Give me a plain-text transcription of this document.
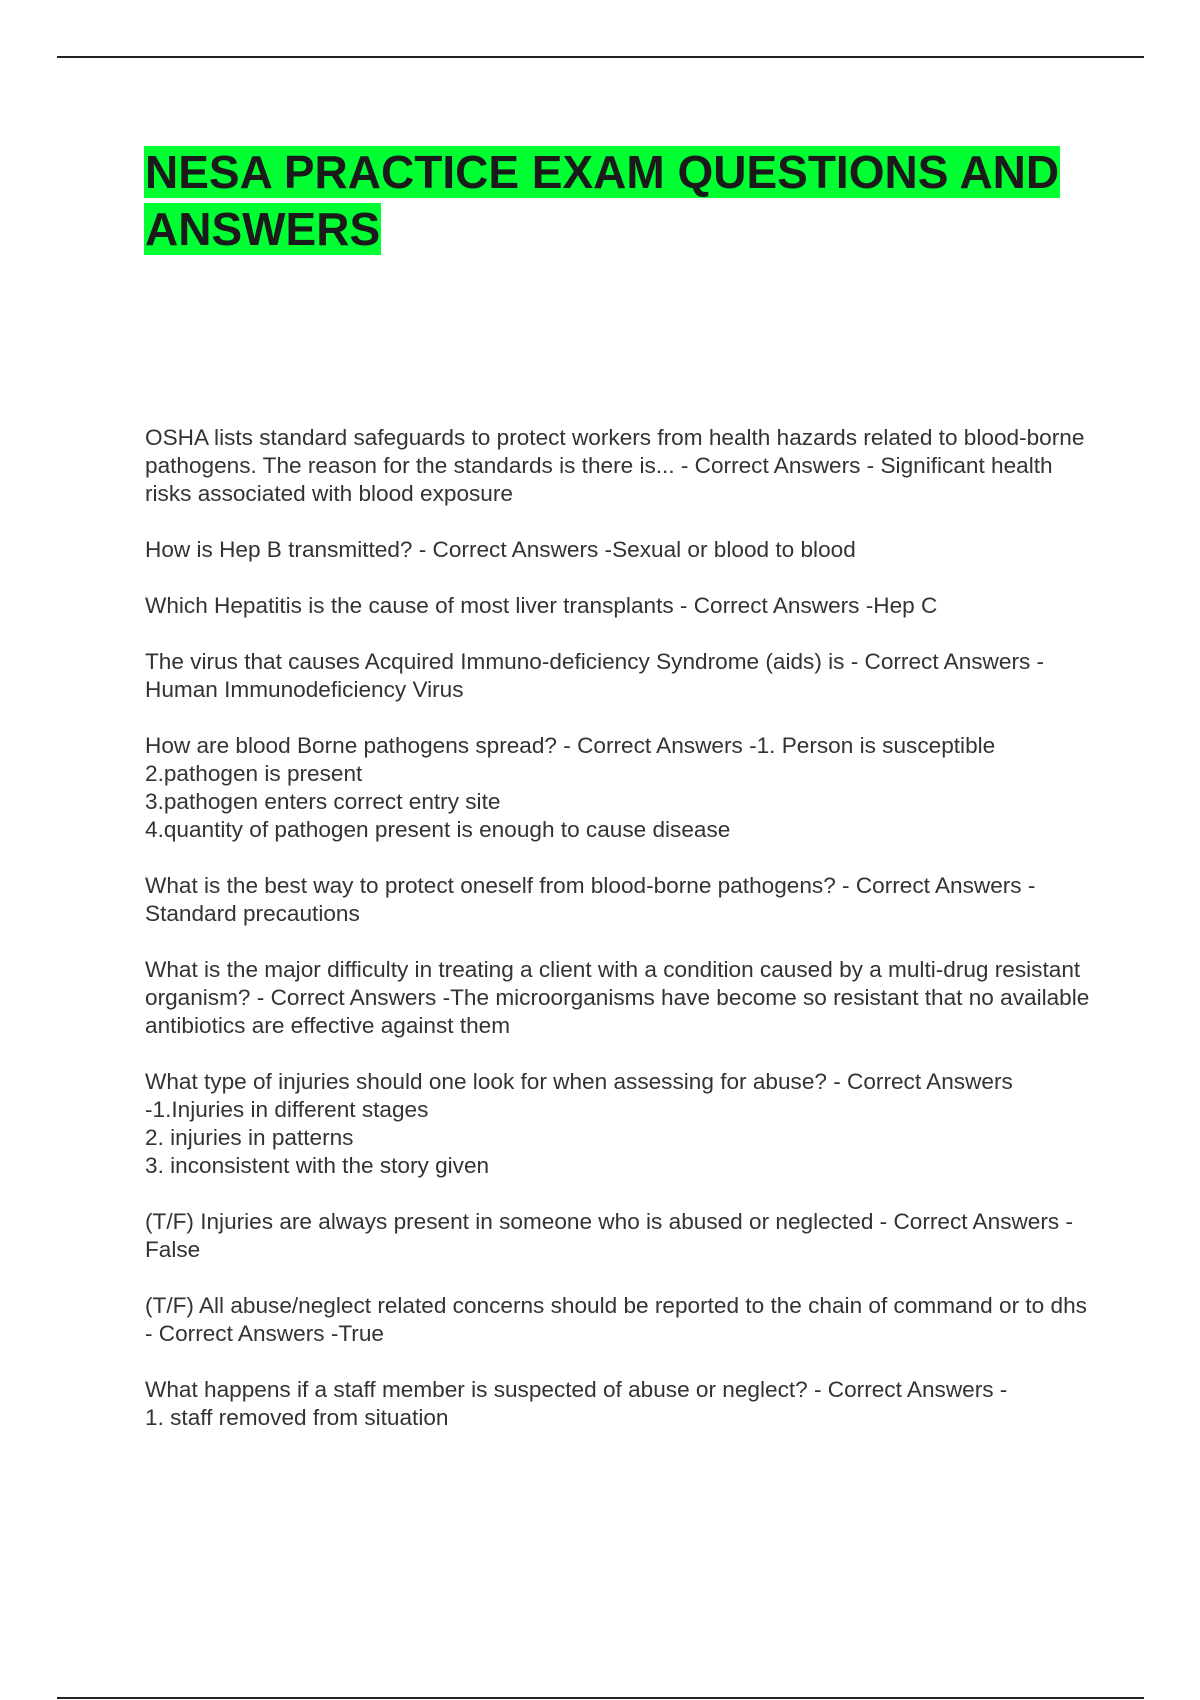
NESA PRACTICE EXAM QUESTIONS AND ANSWERS

OSHA lists standard safeguards to protect workers from health hazards related to blood-borne pathogens. The reason for the standards is there is... - Correct Answers - Significant health risks associated with blood exposure

How is Hep B transmitted? - Correct Answers -Sexual or blood to blood

Which Hepatitis is the cause of most liver transplants - Correct Answers -Hep C

The virus that causes Acquired Immuno-deficiency Syndrome (aids) is - Correct Answers -Human Immunodeficiency Virus

How are blood Borne pathogens spread? - Correct Answers -1. Person is susceptible
2.pathogen is present
3.pathogen enters correct entry site
4.quantity of pathogen present is enough to cause disease

What is the best way to protect oneself from blood-borne pathogens? - Correct Answers -Standard precautions

What is the major difficulty in treating a client with a condition caused by a multi-drug resistant organism? - Correct Answers -The microorganisms have become so resistant that no available antibiotics are effective against them

What type of injuries should one look for when assessing for abuse? - Correct Answers -1.Injuries in different stages
2. injuries in patterns
3. inconsistent with the story given

(T/F) Injuries are always present in someone who is abused or neglected - Correct Answers -False

(T/F) All abuse/neglect related concerns should be reported to the chain of command or to dhs - Correct Answers -True

What happens if a staff member is suspected of abuse or neglect? - Correct Answers -
1. staff removed from situation
